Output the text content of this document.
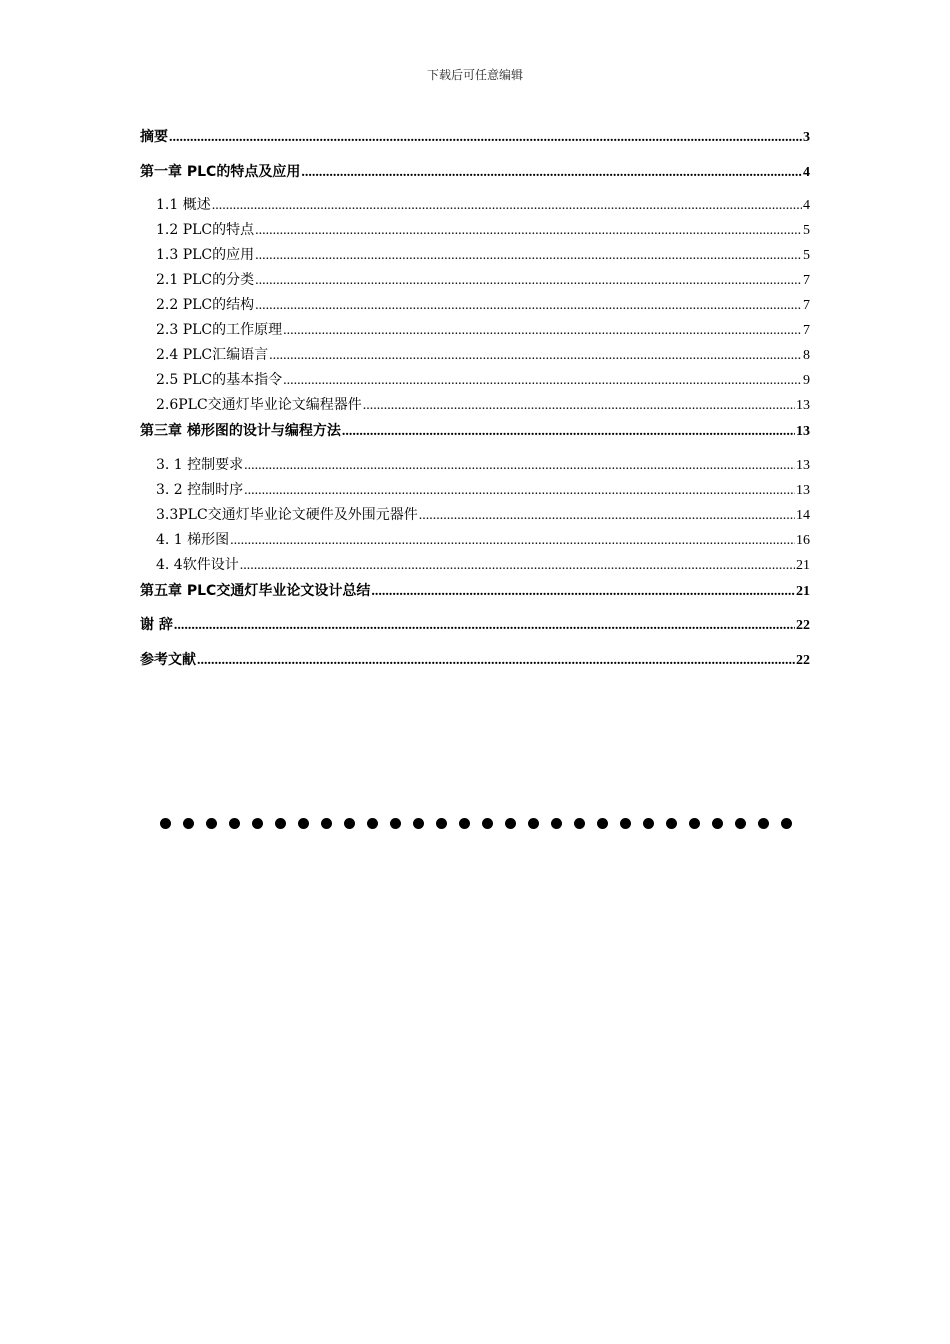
下载后可任意编辑
摘要 .....	3
第一章 PLC的特点及应用 .....	4
1.1 概述 .....	4
1.2 PLC的特点 .....	5
1.3 PLC的应用 .....	5
2.1 PLC的分类 .....	7
2.2 PLC的结构 .....	7
2.3 PLC的工作原理 .....	7
2.4 PLC汇编语言 .....	8
2.5 PLC的基本指令 .....	9
2.6PLC交通灯毕业论文编程器件 .....	13
第三章 梯形图的设计与编程方法 .....	13
3. 1 控制要求 .....	13
3. 2 控制时序 .....	13
3.3PLC交通灯毕业论文硬件及外围元器件 .....	14
4. 1 梯形图 .....	16
4. 4软件设计 .....	21
第五章 PLC交通灯毕业论文设计总结 .....	21
谢 辞 .....	22
参考文献 .....	22
